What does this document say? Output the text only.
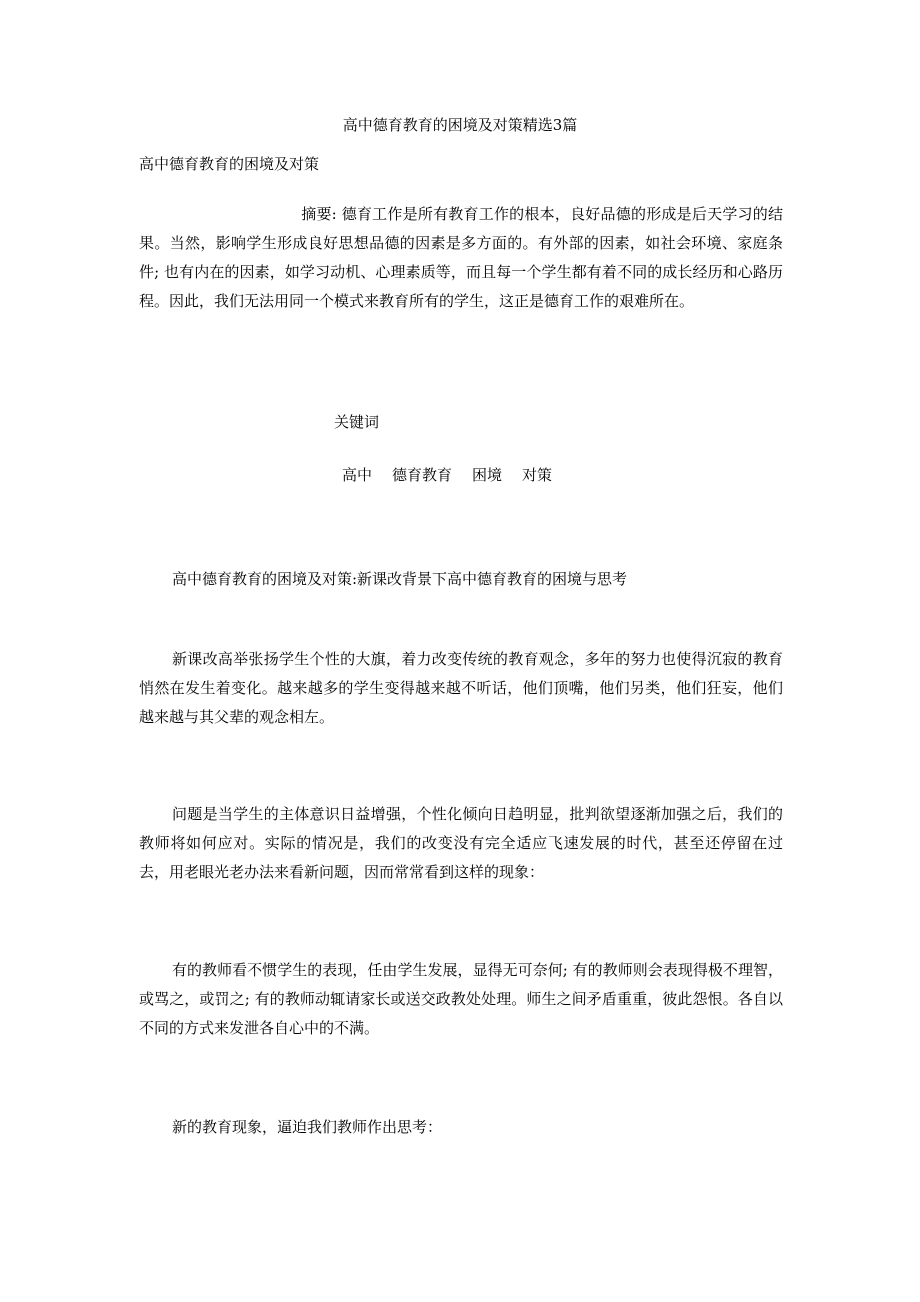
高中德育教育的困境及对策精选3篇
高中德育教育的困境及对策

摘要: 德育工作是所有教育工作的根本，良好品德的形成是后天学习的结果。当然，影响学生形成良好思想品德的因素是多方面的。有外部的因素，如社会环境、家庭条件; 也有内在的因素，如学习动机、心理素质等，而且每一个学生都有着不同的成长经历和心路历程。因此，我们无法用同一个模式来教育所有的学生，这正是德育工作的艰难所在。

关键词
高中 德育教育 困境 对策
高中德育教育的困境及对策:新课改背景下高中德育教育的困境与思考

新课改高举张扬学生个性的大旗，着力改变传统的教育观念，多年的努力也使得沉寂的教育悄然在发生着变化。越来越多的学生变得越来越不听话，他们顶嘴，他们另类，他们狂妄，他们越来越与其父辈的观念相左。

问题是当学生的主体意识日益增强，个性化倾向日趋明显，批判欲望逐渐加强之后，我们的教师将如何应对。实际的情况是，我们的改变没有完全适应飞速发展的时代，甚至还停留在过去，用老眼光老办法来看新问题，因而常常看到这样的现象：

有的教师看不惯学生的表现，任由学生发展，显得无可奈何; 有的教师则会表现得极不理智，或骂之，或罚之; 有的教师动辄请家长或送交政教处处理。师生之间矛盾重重，彼此怨恨。各自以不同的方式来发泄各自心中的不满。

新的教育现象，逼迫我们教师作出思考：
